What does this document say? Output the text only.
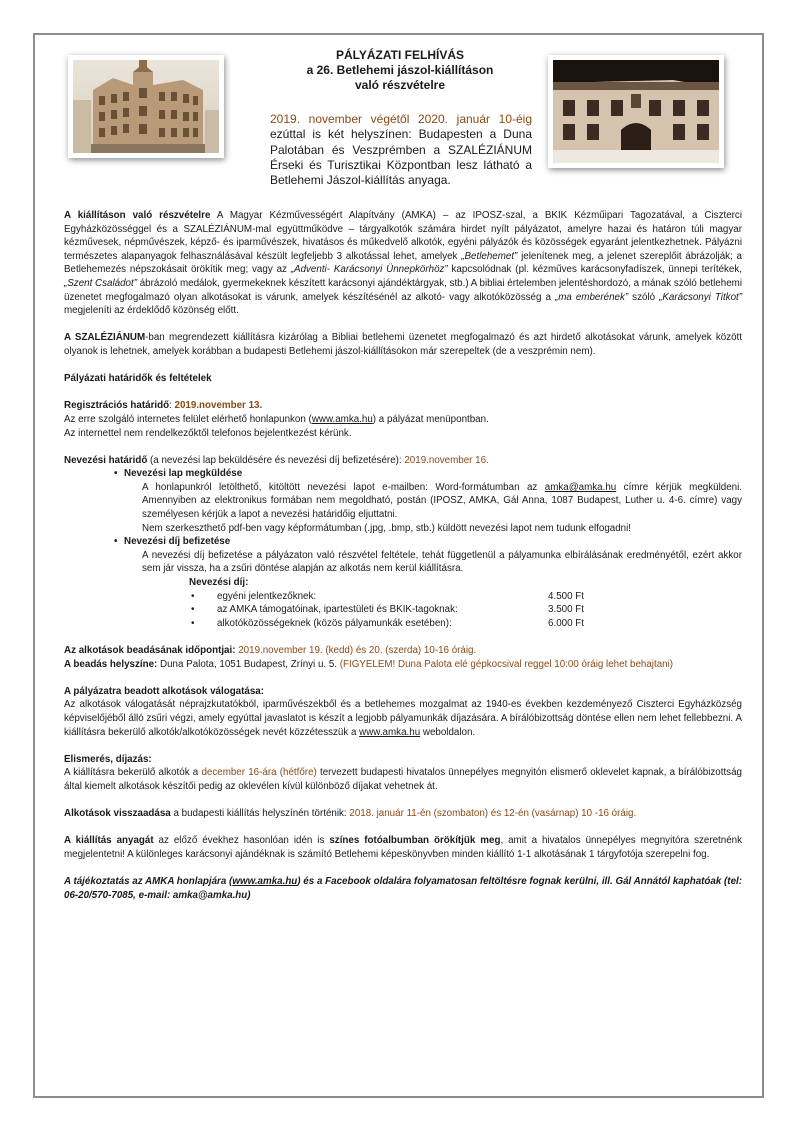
PÁLYÁZATI FELHÍVÁS
a 26. Betlehemi jászol-kiállításon
való részvételre
2019. november végétől 2020. január 10-éig ezúttal is két helyszínen: Budapesten a Duna Palotában és Veszprémben a SZALÉZIÁNUM Érseki és Turisztikai Központban lesz látható a Betlehemi Jászol-kiállítás anyaga.

A kiállításon való részvételre A Magyar Kézművességért Alapítvány (AMKA) – az IPOSZ-szal, a BKIK Kézműipari Tagozatával, a Ciszterci Egyházközösséggel és a SZALÉZIÁNUM-mal együttműködve – tárgyalkotók számára hirdet nyílt pályázatot, amelyre hazai és határon túli magyar kézművesek, népművészek, képző- és iparművészek, hivatásos és műkedvelő alkotók, egyéni pályázók és közösségek egyaránt jelentkezhetnek. Pályázni természetes alapanyagok felhasználásával készült legfeljebb 3 alkotással lehet, amelyek „Betlehemet” jelenítenek meg, a jelenet szereplőit ábrázolják; a Betlehemezés népszokásait örökítik meg; vagy az „Adventi- Karácsonyi Ünnepkörhöz” kapcsolódnak (pl. kézműves karácsonyfadíszek, ünnepi terítékek, „Szent Családot” ábrázoló medálok, gyermekeknek készített karácsonyi ajándéktárgyak, stb.) A bibliai értelemben jelentéshordozó, a mának szóló betlehemi üzenetet megfogalmazó olyan alkotásokat is várunk, amelyek készítésénél az alkotó- vagy alkotóközösség a „ma emberének” szóló „Karácsonyi Titkot” megjeleníti az érdeklődő közönség előtt.

A SZALÉZIÁNUM-ban megrendezett kiállításra kizárólag a Bibliai betlehemi üzenetet megfogalmazó és azt hirdető alkotásokat várunk, amelyek között olyanok is lehetnek, amelyek korábban a budapesti Betlehemi jászol-kiállításokon már szerepeltek (de a veszprémin nem).

Pályázati határidők és feltételek

Regisztrációs határidő: 2019.november 13.

Az erre szolgáló internetes felület elérhető honlapunkon (www.amka.hu) a pályázat menüpontban.

Az internettel nem rendelkezőktől telefonos bejelentkezést kérünk.

Nevezési határidő (a nevezési lap beküldésére és nevezési díj befizetésére): 2019.november 16.

• Nevezési lap megküldése

A honlapunkról letölthető, kitöltött nevezési lapot e-mailben: Word-formátumban az amka@amka.hu címre kérjük megküldeni. Amennyiben az elektronikus formában nem megoldható, postán (IPOSZ, AMKA, Gál Anna, 1087 Budapest, Luther u. 4-6. címre) vagy személyesen kérjük a lapot a nevezési határidőig eljuttatni.

Nem szerkeszthető pdf-ben vagy képformátumban (.jpg, .bmp, stb.) küldött nevezési lapot nem tudunk elfogadni!

• Nevezési díj befizetése

A nevezési díj befizetése a pályázaton való részvétel feltétele, tehát függetlenül a pályamunka elbírálásának eredményétől, ezért akkor sem jár vissza, ha a zsűri döntése alapján az alkotás nem kerül kiállításra.

Nevezési díj:

•	egyéni jelentkezőknek:	4.500 Ft
•	az AMKA támogatóinak, ipartestületi és BKIK-tagoknak:	3.500 Ft
•	alkotóközösségeknek (közös pályamunkák esetében):	6.000 Ft

Az alkotások beadásának időpontjai: 2019.november 19. (kedd) és 20. (szerda) 10-16 óráig.

A beadás helyszíne: Duna Palota, 1051 Budapest, Zrínyi u. 5. (FIGYELEM! Duna Palota elé gépkocsival reggel 10:00 óráig lehet behajtani)

A pályázatra beadott alkotások válogatása:

Az alkotások válogatását néprajzkutatókból, iparművészekből és a betlehemes mozgalmat az 1940-es években kezdeményező Ciszterci Egyházközség képviselőjéből álló zsűri végzi, amely egyúttal javaslatot is készít a legjobb pályamunkák díjazására. A bírálóbizottság döntése ellen nem lehet fellebbezni. A kiállításra bekerülő alkotók/alkotóközösségek nevét közzétesszük a www.amka.hu weboldalon.

Elismerés, díjazás:

A kiállításra bekerülő alkotók a december 16-ára (hétfőre) tervezett budapesti hivatalos ünnepélyes megnyitón elismerő oklevelet kapnak, a bírálóbizottság által kiemelt alkotások készítői pedig az oklevélen kívül különböző díjakat vehetnek át.

Alkotások visszaadása a budapesti kiállítás helyszínén történik: 2018. január 11-én (szombaton) és 12-én (vasárnap) 10 -16 óráig.

A kiállítás anyagát az előző évekhez hasonlóan idén is színes fotóalbumban örökítjük meg, amit a hivatalos ünnepélyes megnyitóra szeretnénk megjelentetni! A különleges karácsonyi ajándéknak is számító Betlehemi képeskönyvben minden kiállító 1-1 alkotásának 1 tárgyfotója szerepelni fog.

A tájékoztatás az AMKA honlapjára (www.amka.hu) és a Facebook oldalára folyamatosan feltöltésre fognak kerülni, ill. Gál Annától kaphatóak (tel: 06-20/570-7085, e-mail: amka@amka.hu)
